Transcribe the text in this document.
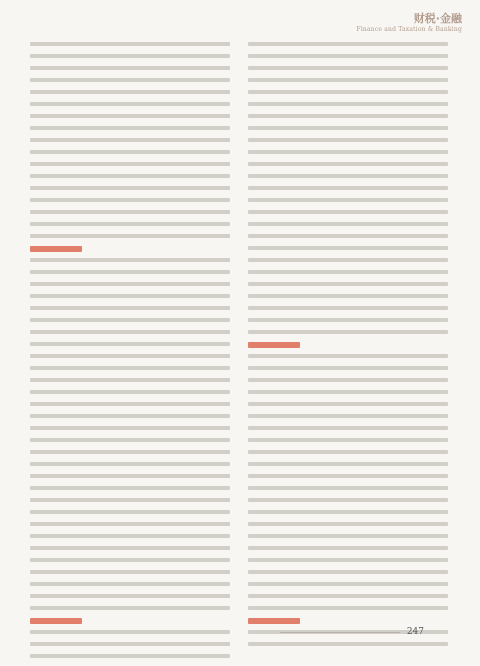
财税·金融
Finance and Taxation & Banking
247
